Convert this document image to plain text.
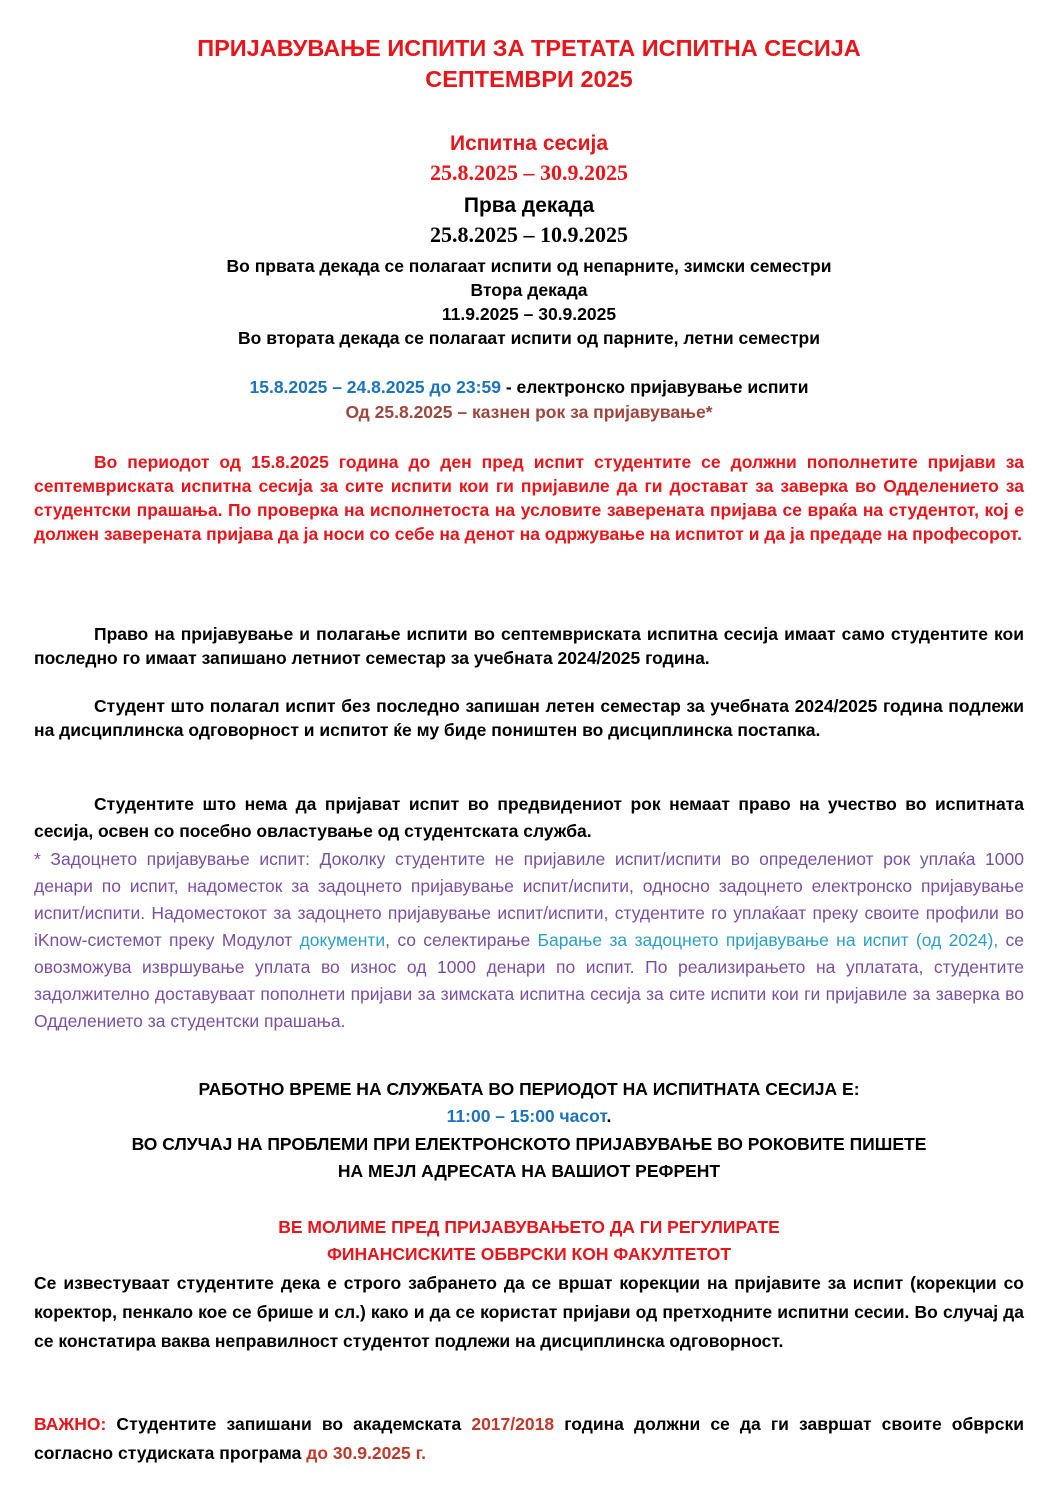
ПРИЈАВУВАЊЕ ИСПИТИ ЗА ТРЕТАТА ИСПИТНА СЕСИЈА
СЕПТЕМВРИ 2025
Испитна сесија
25.8.2025 – 30.9.2025
Прва декада
25.8.2025 – 10.9.2025
Во првата декада се полагаат испити од непарните, зимски семестри
Втора декада
11.9.2025 – 30.9.2025
Во втората декада се полагаат испити од парните, летни семестри
15.8.2025 – 24.8.2025 до 23:59 - електронско пријавување испити
Од 25.8.2025 – казнен рок за пријавување*
Во периодот од 15.8.2025 година до ден пред испит студентите се должни пополнетите пријави за септемвриската испитна сесија за сите испити кои ги пријавиле да ги доставaт за заверка во Одделението за студентски прашања. По проверка на исполнетоста на условите заверената пријава се враќа на студентот, кој е должен заверената пријава да ја носи со себе на денот на одржување на испитот и да ја предаде на професорот.
Право на пријавување и полагање испити во септемвриската испитна сесија имаат само студентите кои последно го имаат запишано летниот семестар за учебната 2024/2025 година.
Студент што полагал испит без последно запишан летен семестар за учебната 2024/2025 година подлежи на дисциплинска одговорност и испитот ќе му биде поништен во дисциплинска постапка.
Студентите што нема да пријават испит во предвидениот рок немаат право на учество во испитната сесија, освен со посебно овластување од студентската служба.
* Задоцнето пријавување испит: Доколку студентите не пријавиле испит/испити во определениот рок уплаќа 1000 денари по испит, надоместок за задоцнето пријавување испит/испити, односно задоцнето електронско пријавување испит/испити. Надоместокот за задоцнето пријавување испит/испити, студентите го уплаќаат преку своите профили во iKnow-системот преку Модулот документи, со селектирање Барање за задоцнето пријавување на испит (од 2024), се овозможува извршување уплата во износ од 1000 денари по испит. По реализирањето на уплатата, студентите задолжително доставуваат пополнети пријави за зимската испитна сесија за сите испити кои ги пријавиле за заверка во Одделението за студентски прашања.
РАБОТНО ВРЕМЕ НА СЛУЖБАТА ВО ПЕРИОДОТ НА ИСПИТНАТА СЕСИЈА Е:
11:00 – 15:00 часот.
ВО СЛУЧАЈ НА ПРОБЛЕМИ ПРИ ЕЛЕКТРОНСКОТО ПРИЈАВУВАЊЕ ВО РОКОВИТЕ ПИШЕТЕ
НА МЕЈЛ АДРЕСАТА НА ВАШИОТ РЕФРЕНТ
ВЕ МОЛИМЕ ПРЕД ПРИЈАВУВАЊЕТО ДА ГИ РЕГУЛИРАТЕ
ФИНАНСИСКИТЕ ОБВРСКИ КОН ФАКУЛТЕТОТ
Се известуваат студентите дека е строго забранeто да се вршат корекции на пријавите за испит (корекции со коректор, пенкало кое се брише и сл.) како и да се користат пријави од претходните испитни сесии. Во случај да се констатира ваква неправилност студентот подлежи на дисциплинска одговорност.
ВАЖНО: Студентите запишани во академската 2017/2018 година должни се да ги завршат своите обврски согласно студиската програма до 30.9.2025 г.
